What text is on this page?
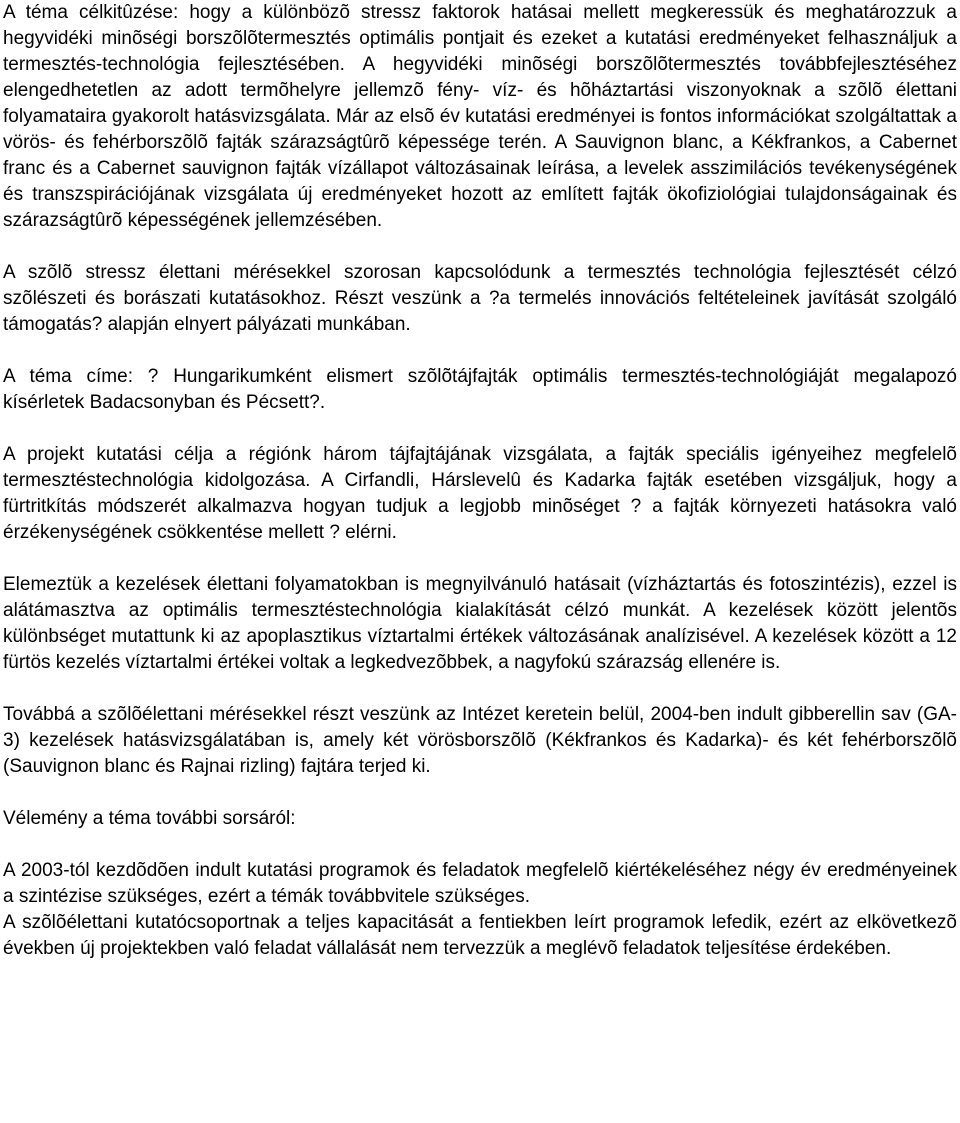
A téma célkitûzése: hogy a különbözõ stressz faktorok hatásai mellett megkeressük és meghatározzuk a hegyvidéki minõségi borszõlõtermesztés optimális pontjait és ezeket a kutatási eredményeket felhasználjuk a termesztés-technológia fejlesztésében. A hegyvidéki minõségi borszõlõtermesztés továbbfejlesztéséhez elengedhetetlen az adott termõhelyre jellemzõ fény- víz- és hõháztartási viszonyoknak a szõlõ élettani folyamataira gyakorolt hatásvizsgálata. Már az elsõ év kutatási eredményei is fontos információkat szolgáltattak a vörös- és fehérborszõlõ fajták szárazságtûrõ képessége terén. A Sauvignon blanc, a Kékfrankos, a Cabernet franc és a Cabernet sauvignon fajták vízállapot változásainak leírása, a levelek asszimilációs tevékenységének és transzspirációjának vizsgálata új eredményeket hozott az említett fajták ökofiziológiai tulajdonságainak és szárazságtûrõ képességének jellemzésében.

A szõlõ stressz élettani mérésekkel szorosan kapcsolódunk a termesztés technológia fejlesztését célzó szõlészeti és borászati kutatásokhoz. Részt veszünk a ?a termelés innovációs feltételeinek javítását szolgáló támogatás? alapján elnyert pályázati munkában.

A téma címe: ? Hungarikumként elismert szõlõtájfajták optimális termesztés-technológiáját megalapozó kísérletek Badacsonyban és Pécsett?.

A projekt kutatási célja a régiónk három tájfajtájának vizsgálata, a fajták speciális igényeihez megfelelõ termesztéstechnológia kidolgozása. A Cirfandli, Hárslevelû és Kadarka fajták esetében vizsgáljuk, hogy a fürtritkítás módszerét alkalmazva hogyan tudjuk a legjobb minõséget ? a fajták környezeti hatásokra való érzékenységének csökkentése mellett ? elérni.

Elemeztük a kezelések élettani folyamatokban is megnyilvánuló hatásait (vízháztartás és fotoszintézis), ezzel is alátámasztva az optimális termesztéstechnológia kialakítását célzó munkát. A kezelések között jelentõs különbséget mutattunk ki az apoplasztikus víztartalmi értékek változásának analízisével. A kezelések között a 12 fürtös kezelés víztartalmi értékei voltak a legkedvezõbbek, a nagyfokú szárazság ellenére is.

Továbbá a szõlõélettani mérésekkel részt veszünk az Intézet keretein belül, 2004-ben indult gibberellin sav (GA-3) kezelések hatásvizsgálatában is, amely két vörösborszõlõ (Kékfrankos és Kadarka)- és két fehérborszõlõ (Sauvignon blanc és Rajnai rizling) fajtára terjed ki.

Vélemény a téma további sorsáról:

A 2003-tól kezdõdõen indult kutatási programok és feladatok megfelelõ kiértékeléséhez négy év eredményeinek a szintézise szükséges, ezért a témák továbbvitele szükséges.

A szõlõélettani kutatócsoportnak a teljes kapacitását a fentiekben leírt programok lefedik, ezért az elkövetkezõ években új projektekben való feladat vállalását nem tervezzük a meglévõ feladatok teljesítése érdekében.
